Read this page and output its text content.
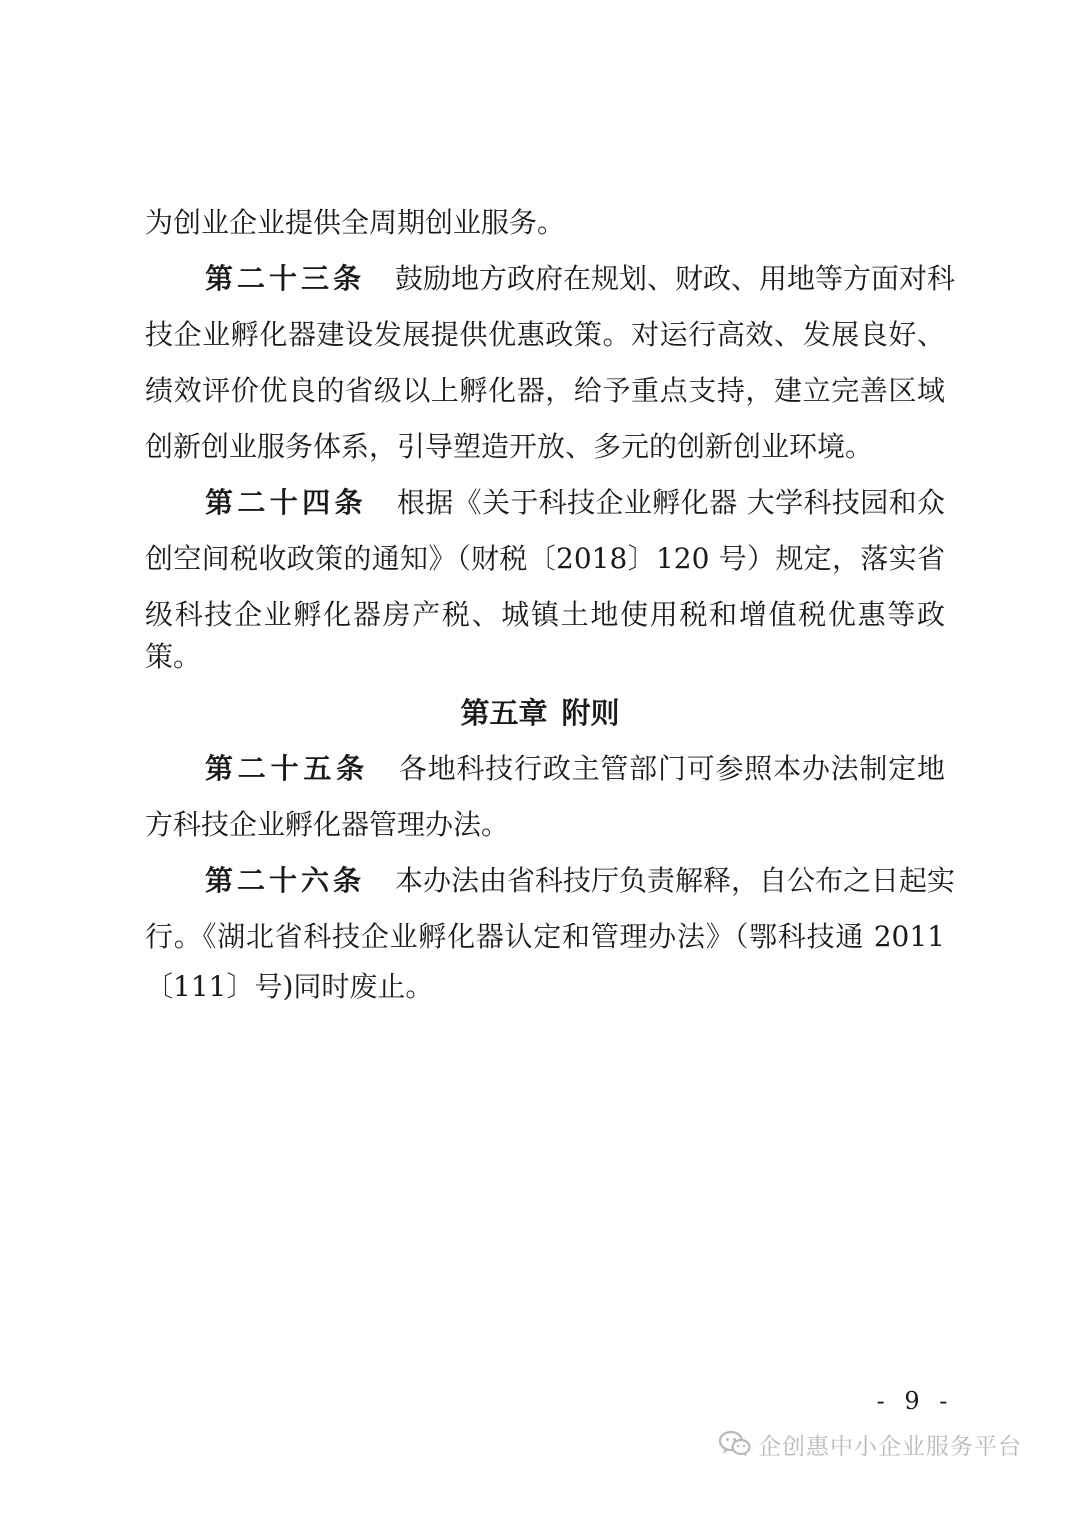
为创业企业提供全周期创业服务。
第二十三条 鼓励地方政府在规划、财政、用地等方面对科
技企业孵化器建设发展提供优惠政策。对运行高效、发展良好、
绩效评价优良的省级以上孵化器，给予重点支持，建立完善区域
创新创业服务体系，引导塑造开放、多元的创新创业环境。
第二十四条 根据《关于科技企业孵化器 大学科技园和众
创空间税收政策的通知》（财税〔2018〕120 号）规定，落实省
级科技企业孵化器房产税、城镇土地使用税和增值税优惠等政
策。
第五章 附则
第二十五条 各地科技行政主管部门可参照本办法制定地
方科技企业孵化器管理办法。
第二十六条 本办法由省科技厅负责解释，自公布之日起实
行。《湖北省科技企业孵化器认定和管理办法》（鄂科技通 2011
〔111〕号)同时废止。
- 9 -
企创惠中小企业服务平台
